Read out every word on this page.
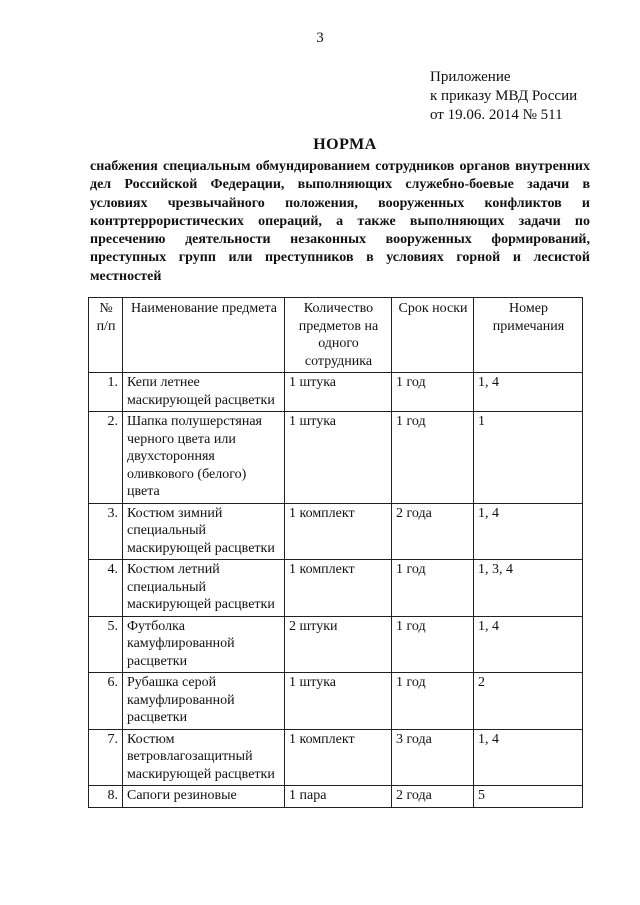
3
Приложение
к приказу МВД России
от 19.06. 2014 № 511
НОРМА
снабжения специальным обмундированием сотрудников органов внутренних дел Российской Федерации, выполняющих служебно-боевые задачи в условиях чрезвычайного положения, вооруженных конфликтов и контртеррористических операций, а также выполняющих задачи по пресечению деятельности незаконных вооруженных формирований, преступных групп или преступников в условиях горной и лесистой местностей
№ п/п	Наименование предмета	Количество предметов на одного сотрудника	Срок носки	Номер примечания
1.	Кепи летнее маскирующей расцветки	1 штука	1 год	1, 4
2.	Шапка полушерстяная черного цвета или двухсторонняя оливкового (белого) цвета	1 штука	1 год	1
3.	Костюм зимний специальный маскирующей расцветки	1 комплект	2 года	1, 4
4.	Костюм летний специальный маскирующей расцветки	1 комплект	1 год	1, 3, 4
5.	Футболка камуфлированной расцветки	2 штуки	1 год	1, 4
6.	Рубашка серой камуфлированной расцветки	1 штука	1 год	2
7.	Костюм ветровлагозащитный маскирующей расцветки	1 комплект	3 года	1, 4
8.	Сапоги резиновые	1 пара	2 года	5
